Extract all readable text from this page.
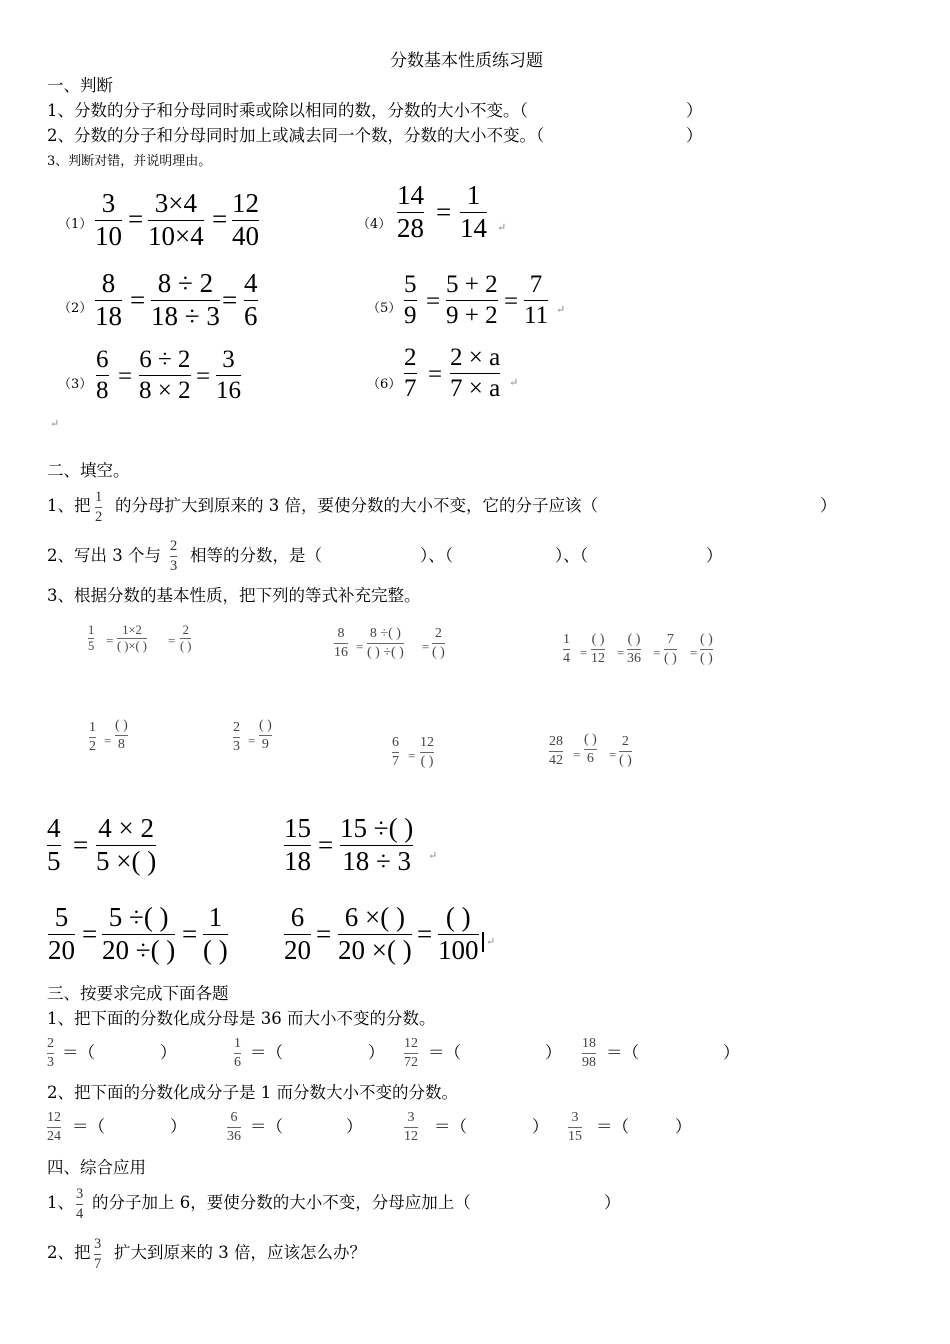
分数基本性质练习题
一、判断
1、分数的分子和分母同时乘或除以相同的数，分数的大小不变。（	）
2、分数的分子和分母同时加上或减去同一个数，分数的大小不变。（	）
3、判断对错，并说明理由。
（1）
3
10
=
3×4
10×4
=
12
40	（4）
14
28
=
1
14 ↵
（2）
8
18
=
8 ÷ 2
18 ÷ 3
=
4
6	（5）
5
9
=
5 + 2
9 + 2
=
7
11 ↵
（3）
6
8
=
6 ÷ 2
8 × 2
=
3
16	（6）
2
7
=
2 × a
7 × a ↵
↵
二、填空。
1、把 1
2
的分母扩大到原来的 3 倍，要使分数的大小不变，它的分子应该（	）
2、写出 3 个与 2
3
相等的分数，是（	）、（	）、（	）
3、根据分数的基本性质，把下列的等式补充完整。
1
5 =
1×2
( )×( ) =
2
( )
8
16 =
8 ÷( )
( ) ÷( ) =
2
( )
1
4 =
( )
12 =
( )
36 =
7
( ) =
( )
( )
1
2 =
( )
8
2
3 =
( )
9	6
7 =
12
( )
28
42 =
( )
6 =
2
( )
4
5
=
4 × 2
5 ×( )
15
18
=
15 ÷( )
18 ÷ 3 ↵
5
20
=
5 ÷( )
20 ÷( )
=
1
( )
6
20
=
6 ×( )
20 ×( )
=
( )
100 ↵
三、按要求完成下面各题
1、把下面的分数化成分母是 36 而大小不变的分数。
2
3
＝（	）	1
6
＝（	） 12
72
＝（	） 18
98
＝（	）
2、把下面的分数化成分子是 1 而分数大小不变的分数。
12
24
＝（	）	6
36
＝（	）	3
12
＝（	） 3
15
＝（	）
四、综合应用
1、 3
4
的分子加上 6，要使分数的大小不变，分母应加上（	）
2、把 3
7
扩大到原来的 3 倍，应该怎么办？
